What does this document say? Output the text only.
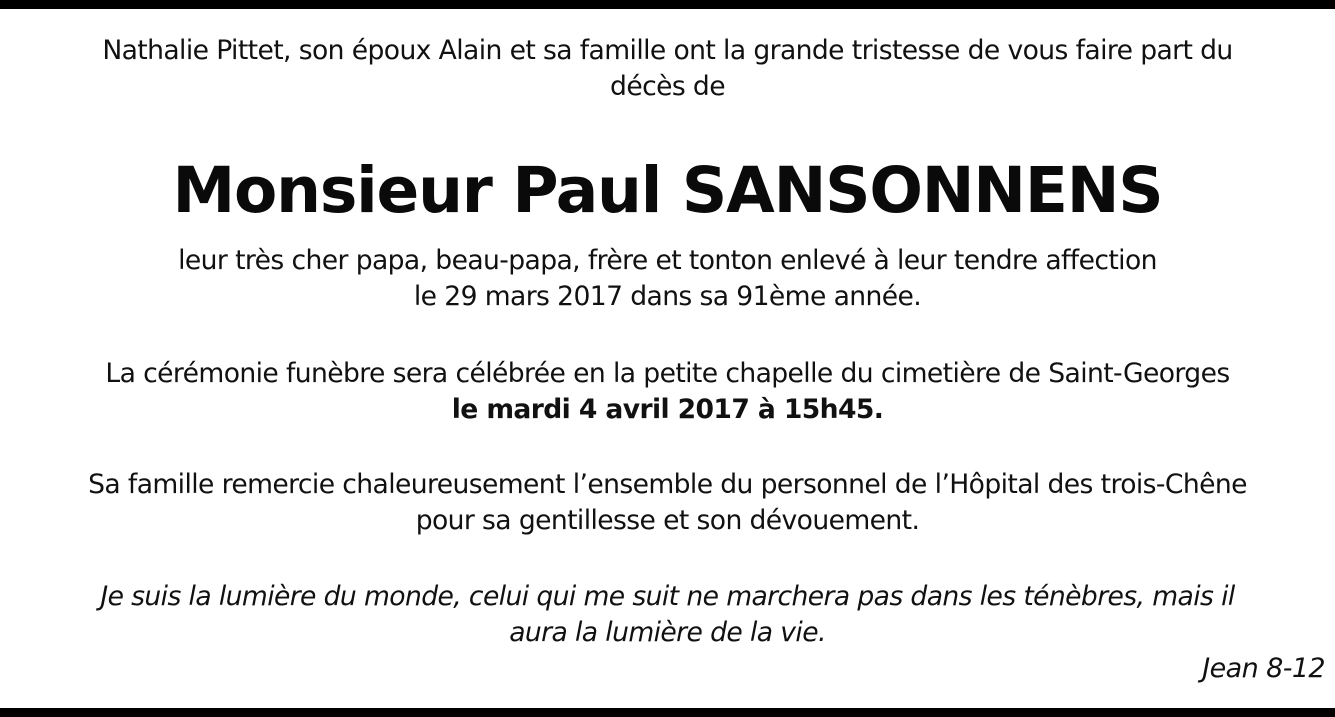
Nathalie Pittet, son époux Alain et sa famille ont la grande tristesse de vous faire part du
décès de
Monsieur Paul SANSONNENS
leur très cher papa, beau-papa, frère et tonton enlevé à leur tendre affection
le 29 mars 2017 dans sa 91ème année.
La cérémonie funèbre sera célébrée en la petite chapelle du cimetière de Saint-Georges
le mardi 4 avril 2017 à 15h45.
Sa famille remercie chaleureusement l’ensemble du personnel de l’Hôpital des trois-Chêne
pour sa gentillesse et son dévouement.
Je suis la lumière du monde, celui qui me suit ne marchera pas dans les ténèbres, mais il
aura la lumière de la vie.
Jean 8-12
